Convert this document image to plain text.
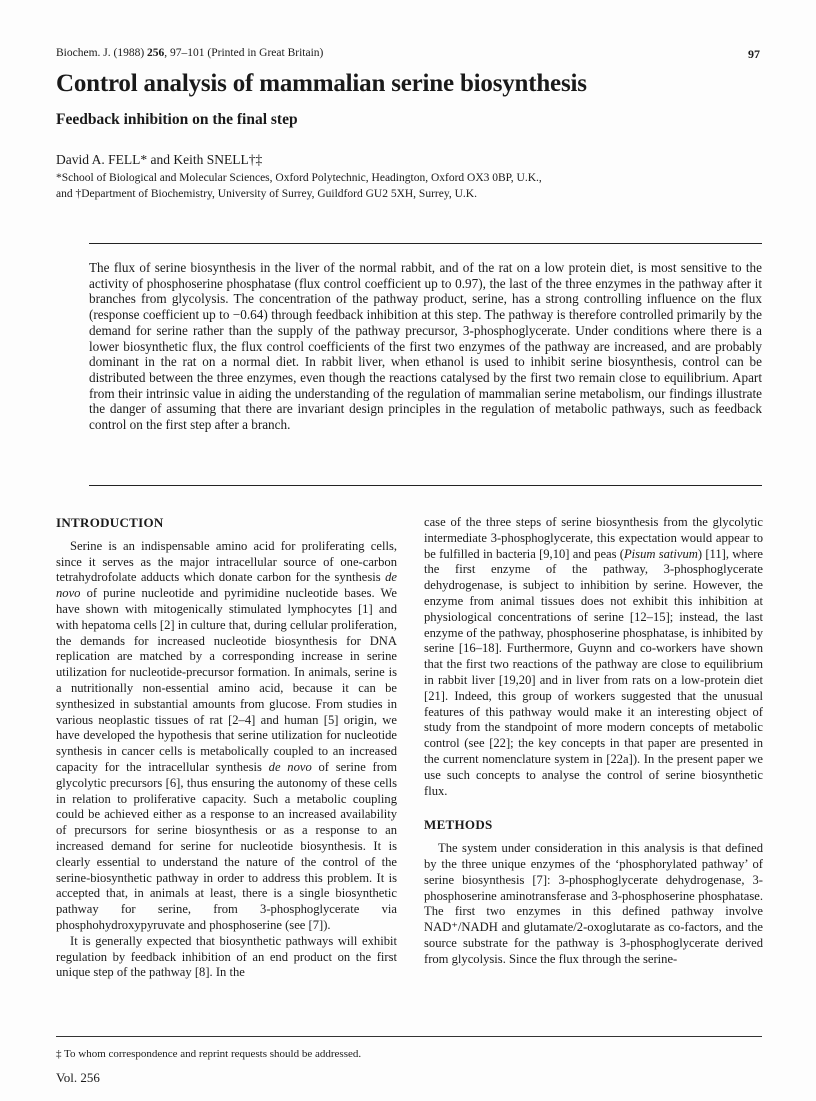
Biochem. J. (1988) 256, 97–101 (Printed in Great Britain)	97
Control analysis of mammalian serine biosynthesis
Feedback inhibition on the final step
David A. FELL* and Keith SNELL†‡
*School of Biological and Molecular Sciences, Oxford Polytechnic, Headington, Oxford OX3 0BP, U.K.,
and †Department of Biochemistry, University of Surrey, Guildford GU2 5XH, Surrey, U.K.
The flux of serine biosynthesis in the liver of the normal rabbit, and of the rat on a low protein diet, is most sensitive to the activity of phosphoserine phosphatase (flux control coefficient up to 0.97), the last of the three enzymes in the pathway after it branches from glycolysis. The concentration of the pathway product, serine, has a strong controlling influence on the flux (response coefficient up to −0.64) through feedback inhibition at this step. The pathway is therefore controlled primarily by the demand for serine rather than the supply of the pathway precursor, 3-phosphoglycerate. Under conditions where there is a lower biosynthetic flux, the flux control coefficients of the first two enzymes of the pathway are increased, and are probably dominant in the rat on a normal diet. In rabbit liver, when ethanol is used to inhibit serine biosynthesis, control can be distributed between the three enzymes, even though the reactions catalysed by the first two remain close to equilibrium. Apart from their intrinsic value in aiding the understanding of the regulation of mammalian serine metabolism, our findings illustrate the danger of assuming that there are invariant design principles in the regulation of metabolic pathways, such as feedback control on the first step after a branch.
INTRODUCTION

Serine is an indispensable amino acid for proliferating cells, since it serves as the major intracellular source of one-carbon tetrahydrofolate adducts which donate carbon for the synthesis de novo of purine nucleotide and pyrimidine nucleotide bases. We have shown with mitogenically stimulated lymphocytes [1] and with hepatoma cells [2] in culture that, during cellular proliferation, the demands for increased nucleotide biosynthesis for DNA replication are matched by a corresponding increase in serine utilization for nucleotide-precursor formation. In animals, serine is a nutritionally non-essential amino acid, because it can be synthesized in substantial amounts from glucose. From studies in various neoplastic tissues of rat [2–4] and human [5] origin, we have developed the hypothesis that serine utilization for nucleotide synthesis in cancer cells is metabolically coupled to an increased capacity for the intracellular synthesis de novo of serine from glycolytic precursors [6], thus ensuring the autonomy of these cells in relation to proliferative capacity. Such a metabolic coupling could be achieved either as a response to an increased availability of precursors for serine biosynthesis or as a response to an increased demand for serine for nucleotide biosynthesis. It is clearly essential to understand the nature of the control of the serine-biosynthetic pathway in order to address this problem. It is accepted that, in animals at least, there is a single biosynthetic pathway for serine, from 3-phosphoglycerate via phosphohydroxypyruvate and phosphoserine (see [7]).

It is generally expected that biosynthetic pathways will exhibit regulation by feedback inhibition of an end product on the first unique step of the pathway [8]. In the

case of the three steps of serine biosynthesis from the glycolytic intermediate 3-phosphoglycerate, this expectation would appear to be fulfilled in bacteria [9,10] and peas (Pisum sativum) [11], where the first enzyme of the pathway, 3-phosphoglycerate dehydrogenase, is subject to inhibition by serine. However, the enzyme from animal tissues does not exhibit this inhibition at physiological concentrations of serine [12–15]; instead, the last enzyme of the pathway, phosphoserine phosphatase, is inhibited by serine [16–18]. Furthermore, Guynn and co-workers have shown that the first two reactions of the pathway are close to equilibrium in rabbit liver [19,20] and in liver from rats on a low-protein diet [21]. Indeed, this group of workers suggested that the unusual features of this pathway would make it an interesting object of study from the standpoint of more modern concepts of metabolic control (see [22]; the key concepts in that paper are presented in the current nomenclature system in [22a]). In the present paper we use such concepts to analyse the control of serine biosynthetic flux.

METHODS

The system under consideration in this analysis is that defined by the three unique enzymes of the ‘phosphorylated pathway’ of serine biosynthesis [7]: 3-phosphoglycerate dehydrogenase, 3-phosphoserine aminotransferase and 3-phosphoserine phosphatase. The first two enzymes in this defined pathway involve NAD⁺/NADH and glutamate/2-oxoglutarate as co-factors, and the source substrate for the pathway is 3-phosphoglycerate derived from glycolysis. Since the flux through the serine-

‡ To whom correspondence and reprint requests should be addressed.
Vol. 256
